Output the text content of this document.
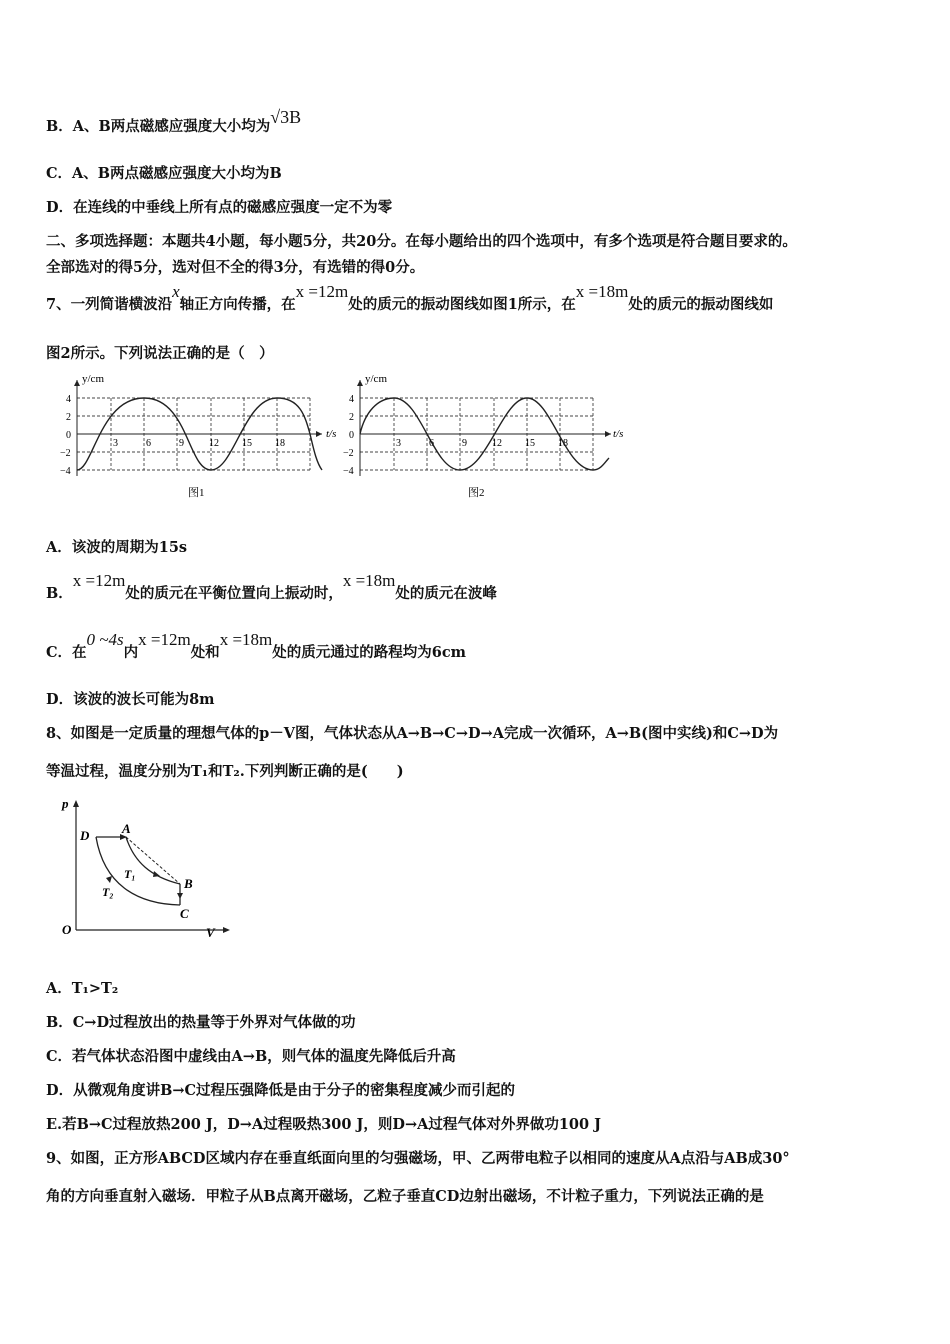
B．A、B两点磁感应强度大小均为√3B
C．A、B两点磁感应强度大小均为B
D．在连线的中垂线上所有点的磁感应强度一定不为零
二、多项选择题：本题共4小题，每小题5分，共20分。在每小题给出的四个选项中，有多个选项是符合题目要求的。
全部选对的得5分，选对但不全的得3分，有选错的得0分。
7、一列简谐横波沿x轴正方向传播，在x =12m处的质元的振动图线如图1所示，在x =18m处的质元的振动图线如
图2所示。下列说法正确的是（　）
y/cm
t/s
4
2
0
−2
−4
3	6	9	12 15 18
图1
y/cm
t/s
4
2
0
−2
−4
3	6	9	12 15 18
图2
A．该波的周期为15s
B．x =12m处的质元在平衡位置向上振动时，x =18m处的质元在波峰
C．在0 ~4s内x =12m处和x =18m处的质元通过的路程均为6cm
D．该波的波长可能为8m
8、如图是一定质量的理想气体的p－V图，气体状态从A→B→C→D→A完成一次循环，A→B(图中实线)和C→D为
等温过程，温度分别为T₁和T₂.下列判断正确的是(　　)
p
V
O
A
B
C
D
T₁
T₂
A．T₁>T₂
B．C→D过程放出的热量等于外界对气体做的功
C．若气体状态沿图中虚线由A→B，则气体的温度先降低后升高
D．从微观角度讲B→C过程压强降低是由于分子的密集程度减少而引起的
E.若B→C过程放热200 J，D→A过程吸热300 J，则D→A过程气体对外界做功100 J
9、如图，正方形ABCD区域内存在垂直纸面向里的匀强磁场，甲、乙两带电粒子以相同的速度从A点沿与AB成30°
角的方向垂直射入磁场．甲粒子从B点离开磁场，乙粒子垂直CD边射出磁场，不计粒子重力，下列说法正确的是
